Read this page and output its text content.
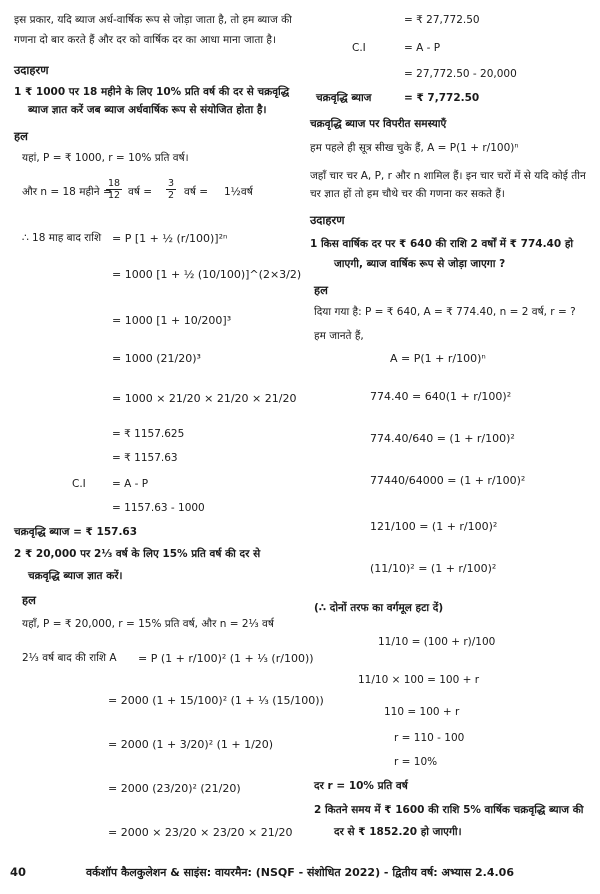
इस प्रकार, यदि ब्याज अर्ध-वार्षिक रूप से जोड़ा जाता है, तो हम ब्याज की
गणना दो बार करते हैं और दर को वार्षिक दर का आधा माना जाता है।
उदाहरण
1 ₹ 1000 पर 18 महीने के लिए 10% प्रति वर्ष की दर से चक्रवृद्धि
ब्याज ज्ञात करें जब ब्याज अर्धवार्षिक रूप से संयोजित होता है।
हल
यहां, P = ₹ 1000, r = 10% प्रति वर्ष।
और n = 18 महीने =
$\frac{18}{12}$ वर्ष = $\frac{3}{2}$ वर्ष = 1½वर्ष
∴ 18 माह बाद राशि = P [1 + ½ (r/100)]²ⁿ
= 1000 [1 + ½ (10/100)]^(2×3/2)
= 1000 [1 + 10/200]³
= 1000 (21/20)³
= 1000 × 21/20 × 21/20 × 21/20
= ₹ 1157.625
= ₹ 1157.63
C.I = A - P
= 1157.63 - 1000
चक्रवृद्धि ब्याज = ₹ 157.63
2 ₹ 20,000 पर 2⅓ वर्ष के लिए 15% प्रति वर्ष की दर से
चक्रवृद्धि ब्याज ज्ञात करें।
हल
यहाँ, P = ₹ 20,000, r = 15% प्रति वर्ष, और n = 2⅓ वर्ष
2⅓ वर्ष बाद की राशि A = P (1 + r/100)² (1 + ⅓ (r/100))
= 2000 (1 + 15/100)² (1 + ⅓ (15/100))
= 2000 (1 + 3/20)² (1 + 1/20)
= 2000 (23/20)² (21/20)
= 2000 × 23/20 × 23/20 × 21/20
= ₹ 27,772.50
C.I	= A - P
= 27,772.50 - 20,000
चक्रवृद्धि ब्याज	= ₹ 7,772.50
चक्रवृद्धि ब्याज पर विपरीत समस्याएँ
हम पहले ही सूत्र सीख चुके हैं, A = P(1 + r/100)ⁿ
जहाँ चार चर A, P, r और n शामिल हैं। इन चार चरों में से यदि कोई तीन
चर ज्ञात हों तो हम चौथे चर की गणना कर सकते हैं।
उदाहरण
1 किस वार्षिक दर पर ₹ 640 की राशि 2 वर्षों में ₹ 774.40 हो
जाएगी, ब्याज वार्षिक रूप से जोड़ा जाएगा ?
हल
दिया गया है: P = ₹ 640, A = ₹ 774.40, n = 2 वर्ष, r = ?
हम जानते हैं,
A = P(1 + r/100)ⁿ
774.40 = 640(1 + r/100)²
774.40/640 = (1 + r/100)²
77440/64000 = (1 + r/100)²
121/100 = (1 + r/100)²
(11/10)² = (1 + r/100)²
(∴ दोनों तरफ का वर्गमूल हटा दें)
11/10 = (100 + r)/100
11/10 × 100 = 100 + r
110 = 100 + r
r = 110 - 100
r = 10%
दर r = 10% प्रति वर्ष
2 कितने समय में ₹ 1600 की राशि 5% वार्षिक चक्रवृद्धि ब्याज की
दर से ₹ 1852.20 हो जाएगी।
40	वर्कशॉप कैलकुलेशन & साइंस: वायरमैन: (NSQF - संशोधित 2022) - द्वितीय वर्ष: अभ्यास 2.4.06
